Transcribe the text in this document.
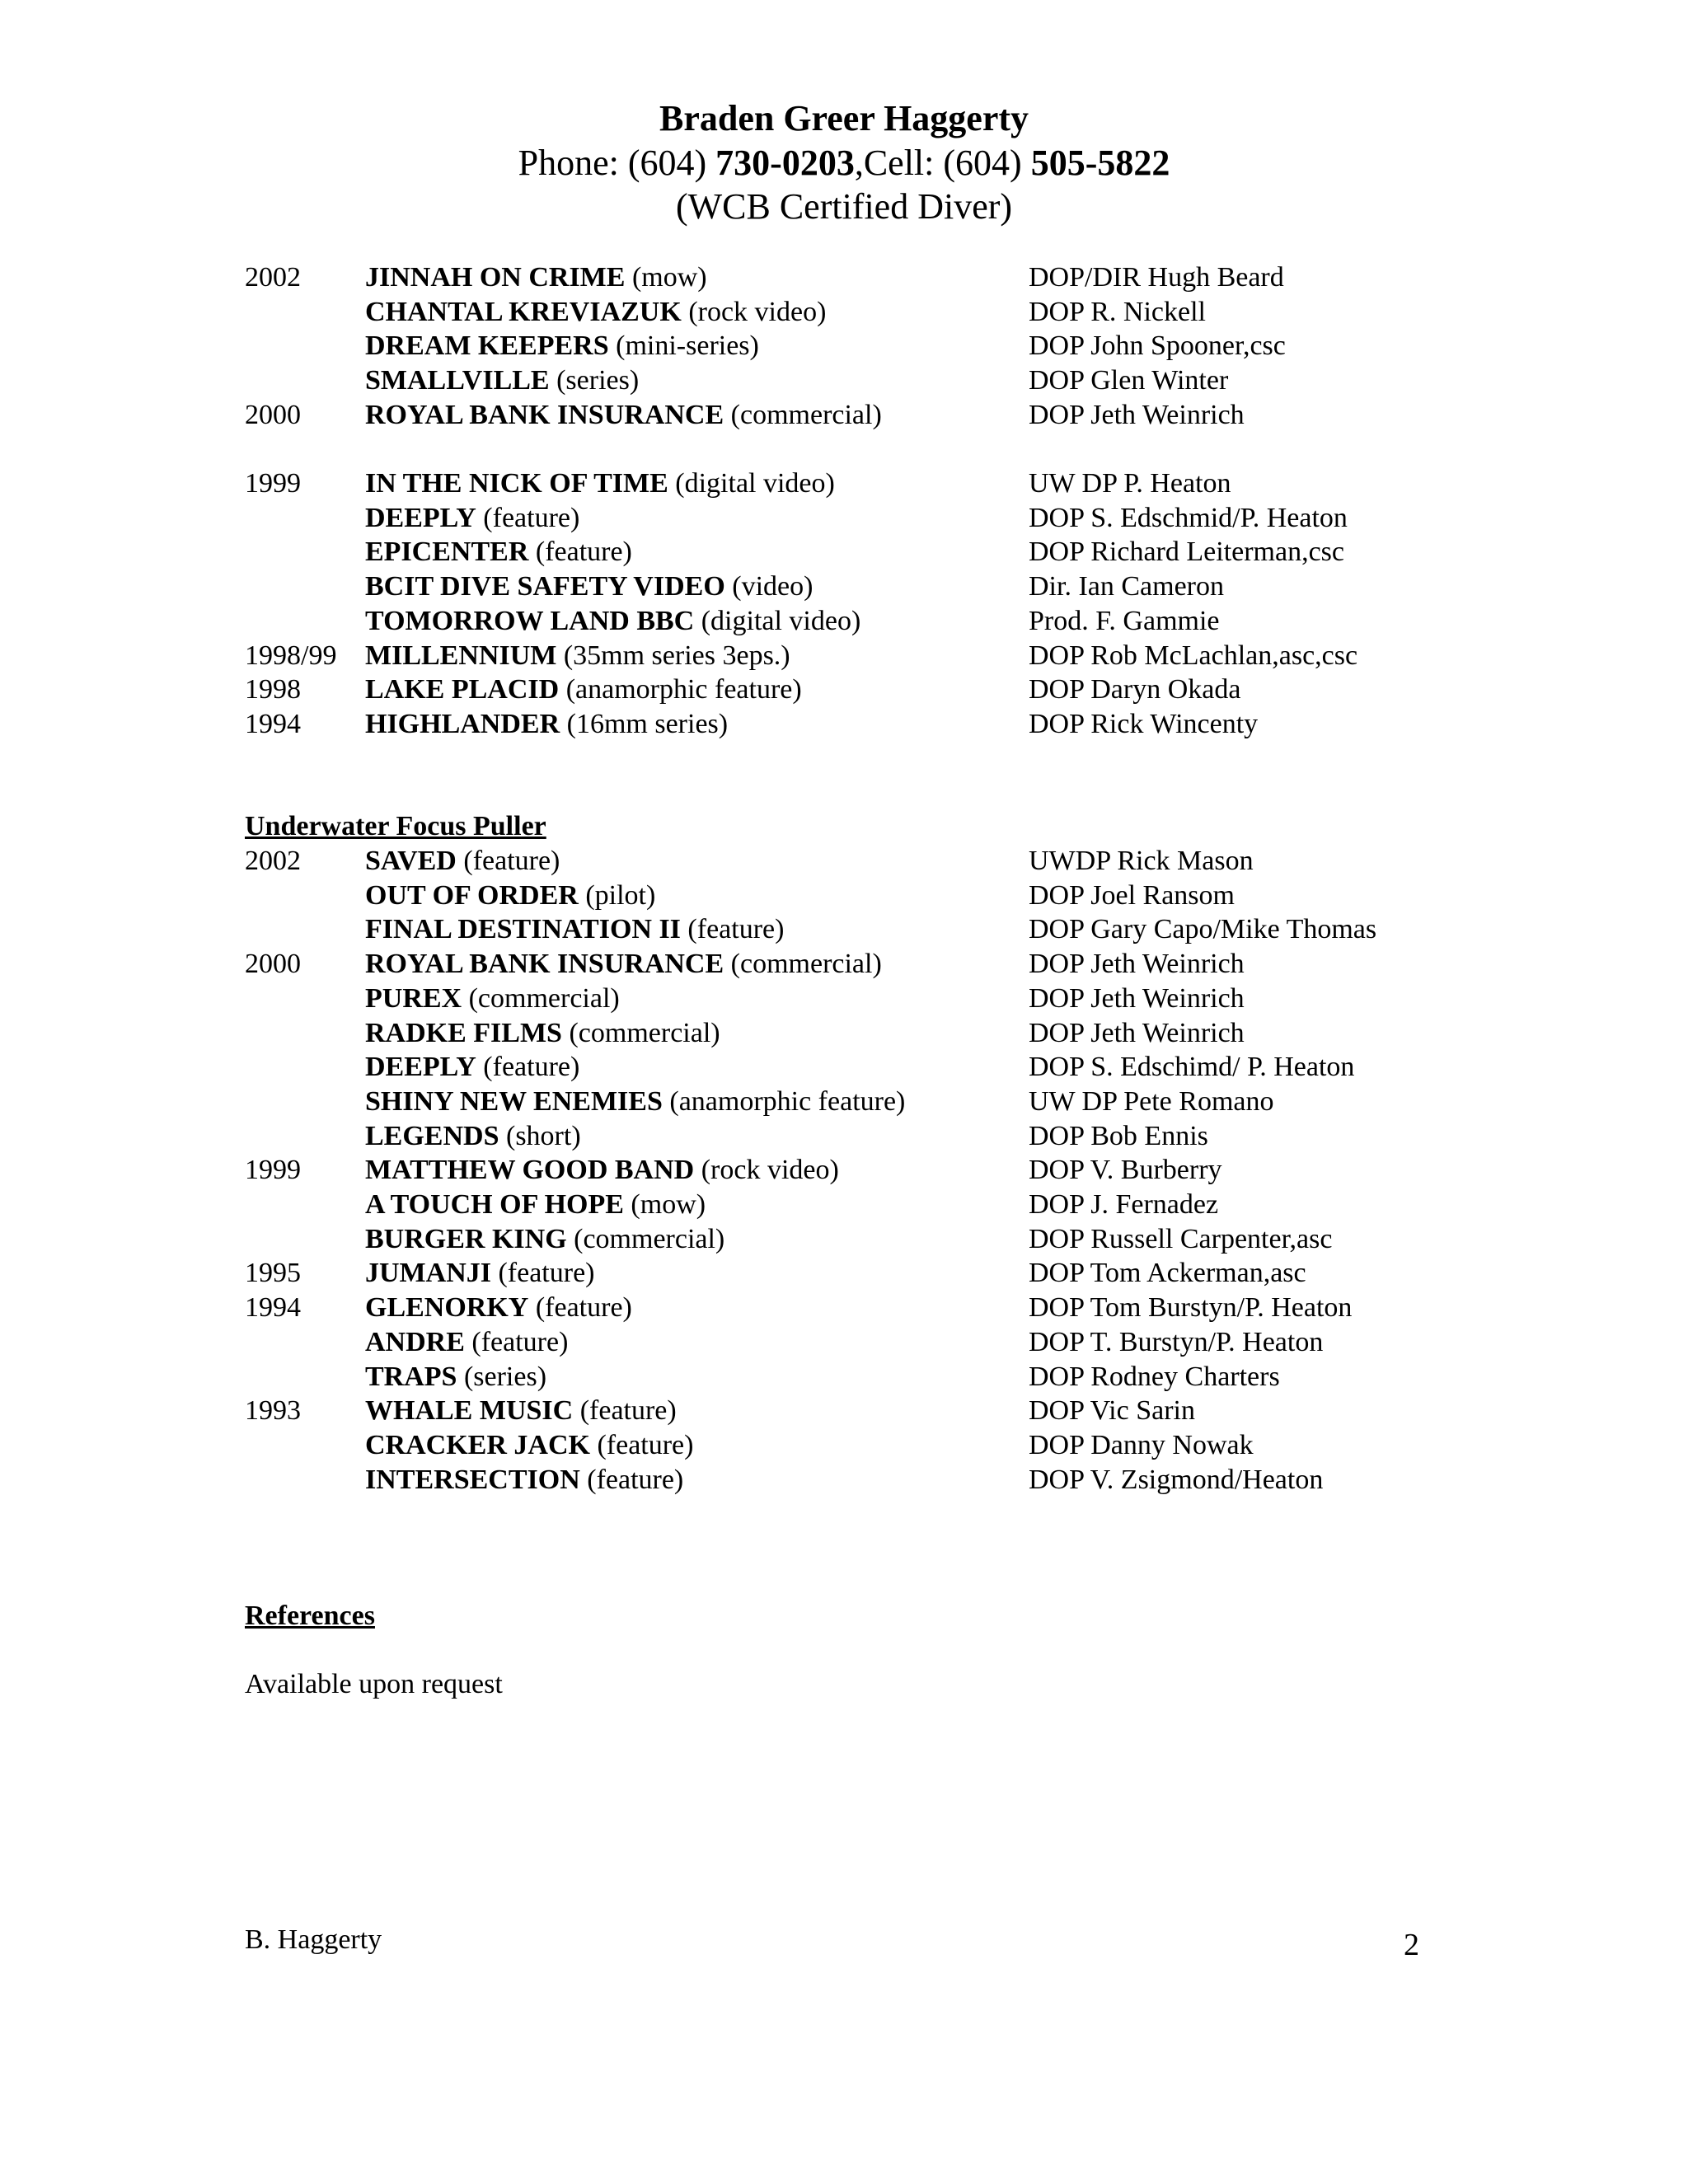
Braden Greer Haggerty
Phone: (604) 730-0203,Cell: (604) 505-5822
(WCB Certified Diver)
2002 JINNAH ON CRIME (mow)	DOP/DIR Hugh Beard
CHANTAL KREVIAZUK (rock video)	DOP R. Nickell
DREAM KEEPERS (mini-series)	DOP John Spooner,csc
SMALLVILLE (series)	DOP Glen Winter
2000 ROYAL BANK INSURANCE (commercial)	DOP Jeth Weinrich
1999 IN THE NICK OF TIME (digital video)	UW DP P. Heaton
DEEPLY (feature)	DOP S. Edschmid/P. Heaton
EPICENTER (feature)	DOP Richard Leiterman,csc
BCIT DIVE SAFETY VIDEO (video)	Dir. Ian Cameron
TOMORROW LAND BBC (digital video)	Prod. F. Gammie
1998/99 MILLENNIUM (35mm series 3eps.)	DOP Rob McLachlan,asc,csc
1998 LAKE PLACID (anamorphic feature)	DOP Daryn Okada
1994 HIGHLANDER (16mm series)	DOP Rick Wincenty
Underwater Focus Puller
2002 SAVED (feature)	UWDP Rick Mason
OUT OF ORDER (pilot)	DOP Joel Ransom
FINAL DESTINATION II (feature)	DOP Gary Capo/Mike Thomas
2000 ROYAL BANK INSURANCE (commercial)	DOP Jeth Weinrich
PUREX (commercial)	DOP Jeth Weinrich
RADKE FILMS (commercial)	DOP Jeth Weinrich
DEEPLY (feature)	DOP S. Edschimd/ P. Heaton
SHINY NEW ENEMIES (anamorphic feature)	UW DP Pete Romano
LEGENDS (short)	DOP Bob Ennis
1999 MATTHEW GOOD BAND (rock video)	DOP V. Burberry
A TOUCH OF HOPE (mow)	DOP J. Fernadez
BURGER KING (commercial)	DOP Russell Carpenter,asc
1995 JUMANJI (feature)	DOP Tom Ackerman,asc
1994 GLENORKY (feature)	DOP Tom Burstyn/P. Heaton
ANDRE (feature)	DOP T. Burstyn/P. Heaton
TRAPS (series)	DOP Rodney Charters
1993 WHALE MUSIC (feature)	DOP Vic Sarin
CRACKER JACK (feature)	DOP Danny Nowak
INTERSECTION (feature)	DOP V. Zsigmond/Heaton
References
Available upon request
B. Haggerty	2
